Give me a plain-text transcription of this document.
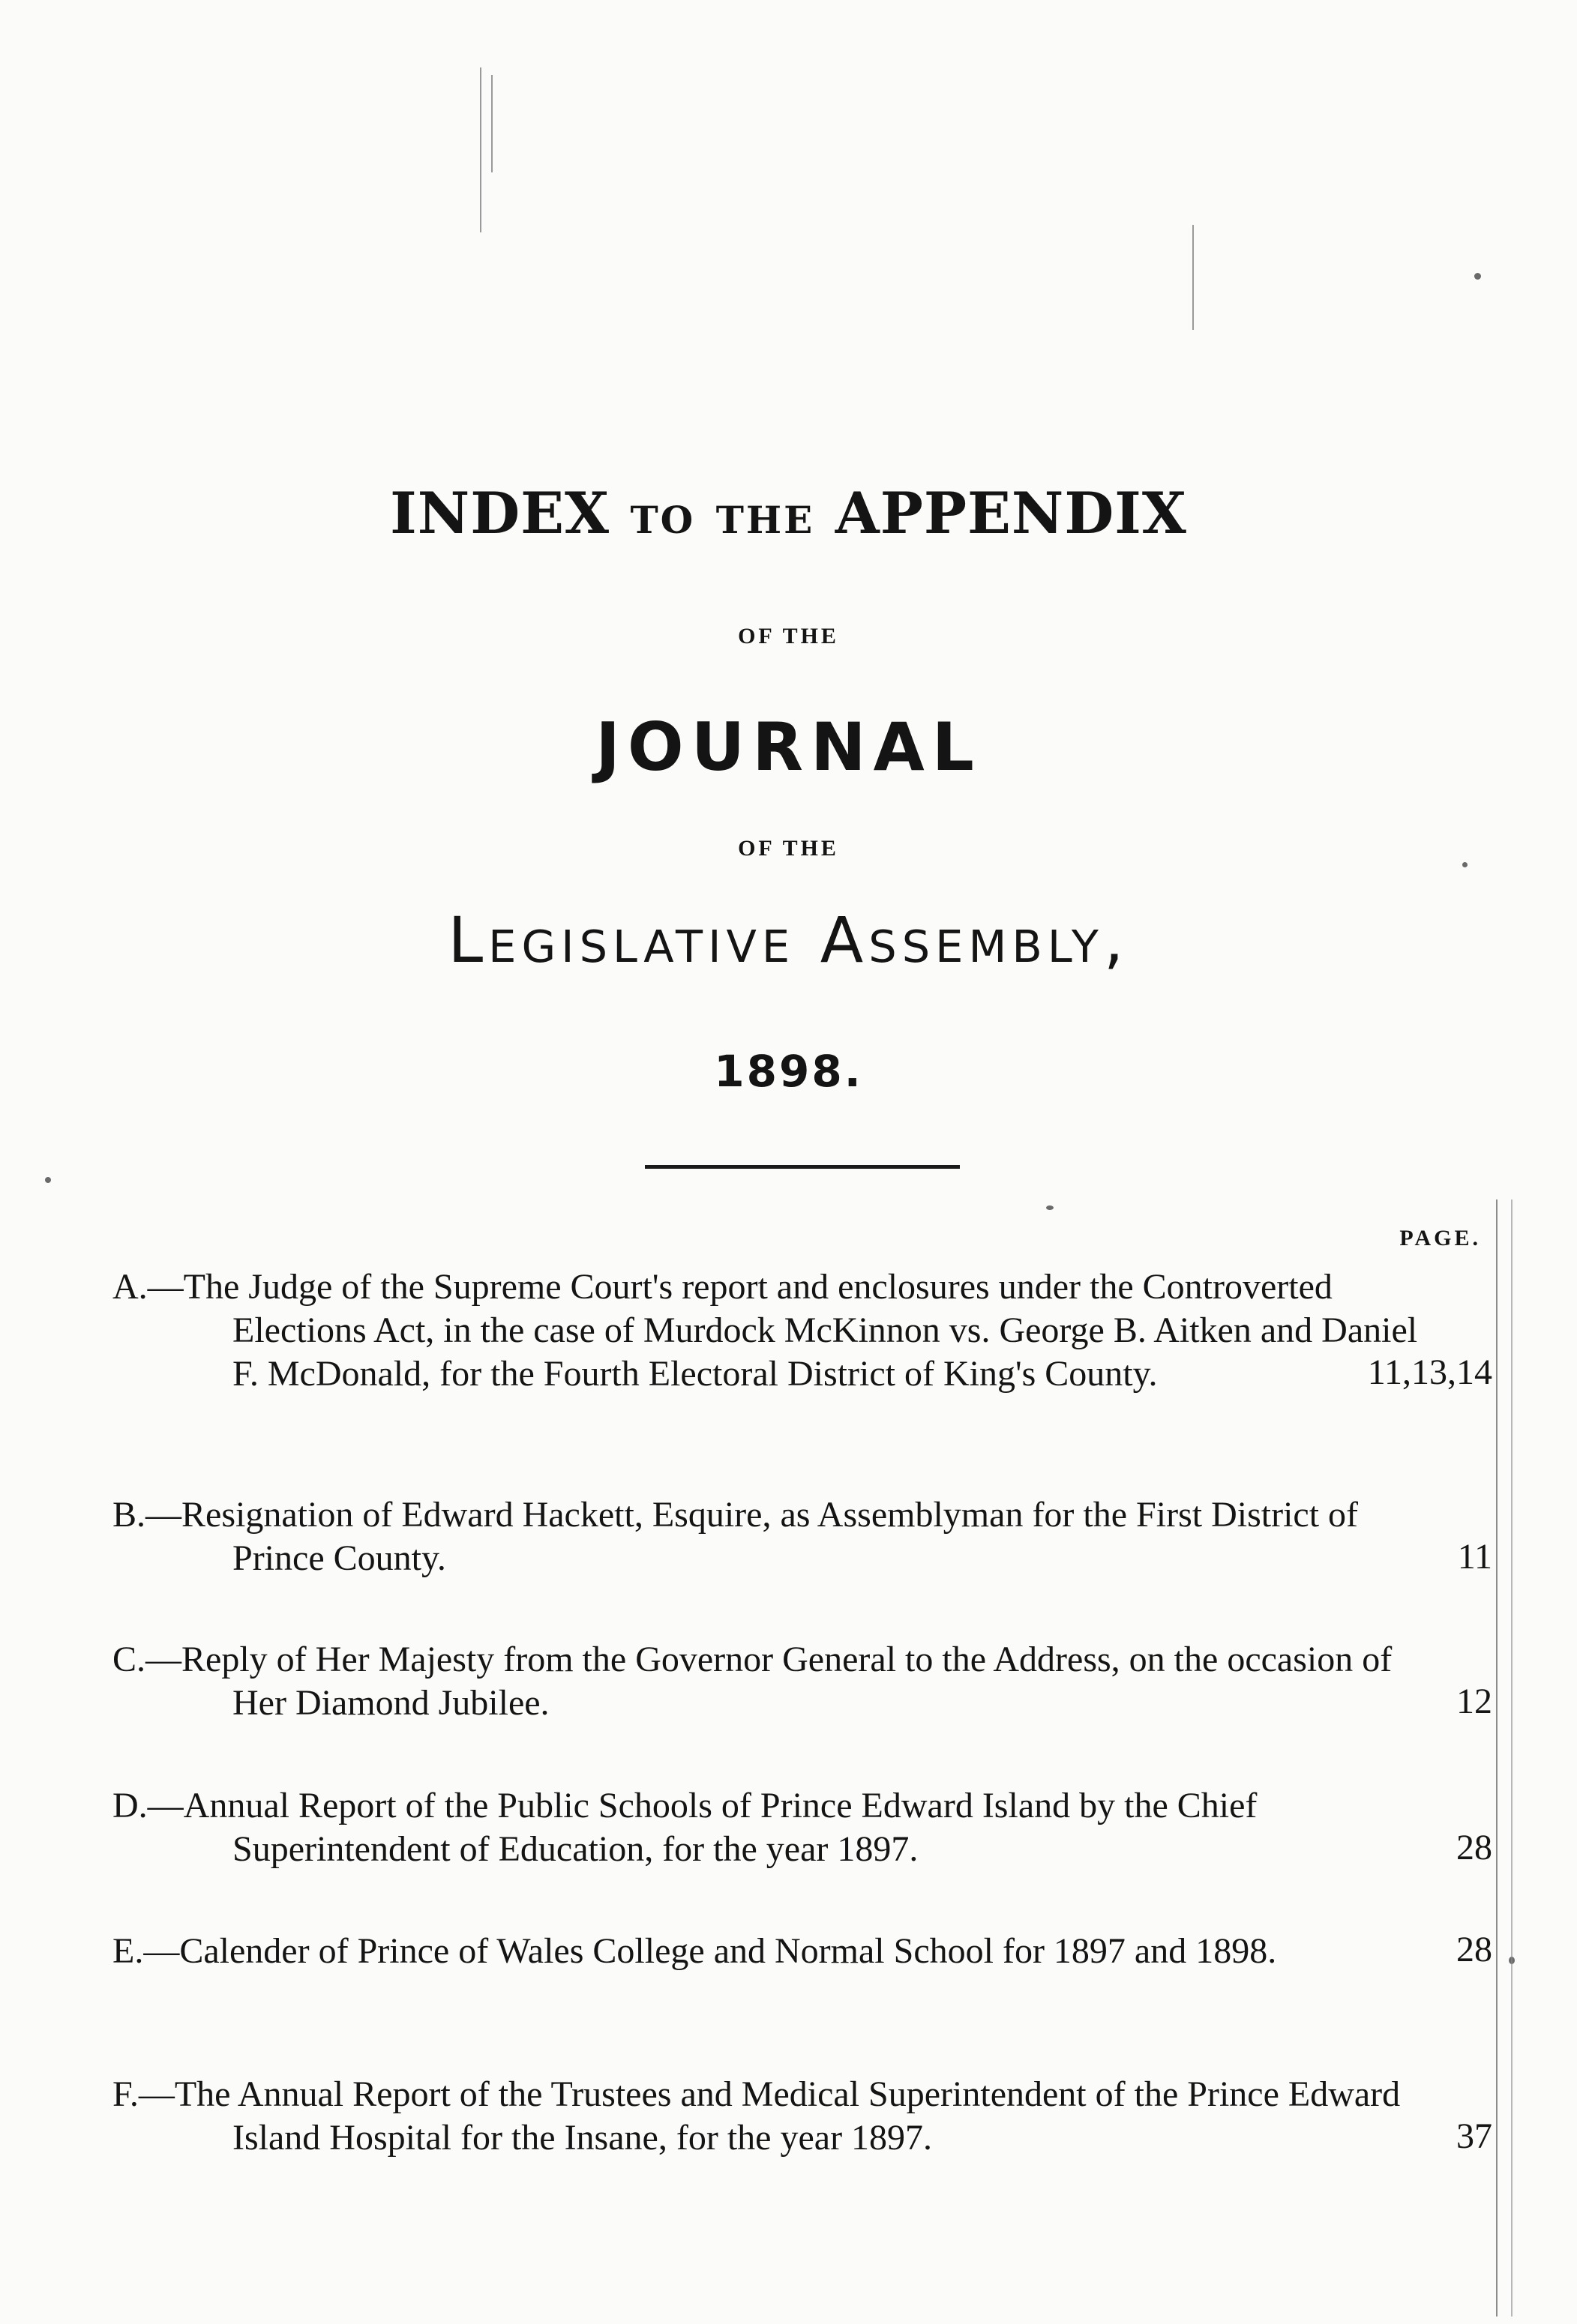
INDEX TO THE APPENDIX
OF THE
JOURNAL
OF THE
Legislative Assembly,
1898.
PAGE.
A.—The Judge of the Supreme Court's report and enclosures under the Controverted Elections Act, in the case of Murdock McKinnon vs. George B. Aitken and Daniel F. McDonald, for the Fourth Electoral District of King's County.	11,13,14
B.—Resignation of Edward Hackett, Esquire, as Assemblyman for the First District of Prince County.	11
C.—Reply of Her Majesty from the Governor General to the Address, on the occasion of Her Diamond Jubilee.	12
D.—Annual Report of the Public Schools of Prince Edward Island by the Chief Superintendent of Education, for the year 1897.	28
E.—Calender of Prince of Wales College and Normal School for 1897 and 1898.	28
F.—The Annual Report of the Trustees and Medical Superintendent of the Prince Edward Island Hospital for the Insane, for the year 1897.	37
